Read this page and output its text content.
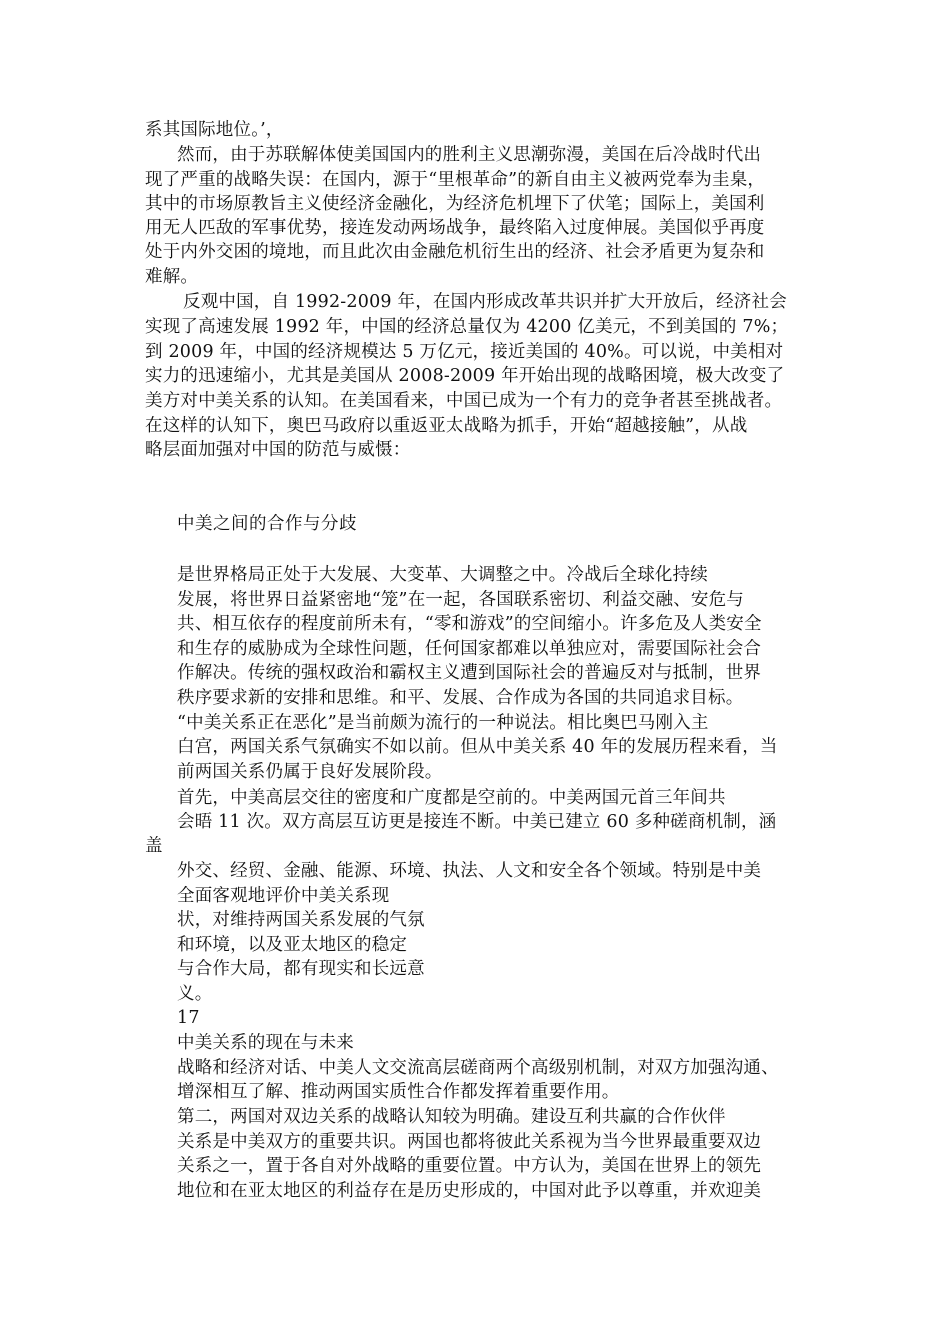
系其国际地位。’，
然而，由于苏联解体使美国国内的胜利主义思潮弥漫，美国在后冷战时代出
现了严重的战略失误：在国内，源于“里根革命”的新自由主义被两党奉为圭臬，
其中的市场原教旨主义使经济金融化，为经济危机埋下了伏笔；国际上，美国利
用无人匹敌的军事优势，接连发动两场战争，最终陷入过度伸展。美国似乎再度
处于内外交困的境地，而且此次由金融危机衍生出的经济、社会矛盾更为复杂和
难解。
反观中国，自 1992-2009 年，在国内形成改革共识并扩大开放后，经济社会
实现了高速发展 1992 年，中国的经济总量仅为 4200 亿美元，不到美国的 7%；
到 2009 年，中国的经济规模达 5 万亿元，接近美国的 40%。可以说，中美相对
实力的迅速缩小，尤其是美国从 2008-2009 年开始出现的战略困境，极大改变了
美方对中美关系的认知。在美国看来，中国已成为一个有力的竞争者甚至挑战者。
在这样的认知下，奥巴马政府以重返亚太战略为抓手，开始“超越接触”，从战
略层面加强对中国的防范与威慑：
中美之间的合作与分歧
是世界格局正处于大发展、大变革、大调整之中。冷战后全球化持续
发展，将世界日益紧密地“笼”在一起，各国联系密切、利益交融、安危与
共、相互依存的程度前所未有，“零和游戏”的空间缩小。许多危及人类安全
和生存的威胁成为全球性问题，任何国家都难以单独应对，需要国际社会合
作解决。传统的强权政治和霸权主义遭到国际社会的普遍反对与抵制，世界
秩序要求新的安排和思维。和平、发展、合作成为各国的共同追求目标。
“中美关系正在恶化”是当前颇为流行的一种说法。相比奥巴马刚入主
白宫，两国关系气氛确实不如以前。但从中美关系 40 年的发展历程来看，当
前两国关系仍属于良好发展阶段。
首先，中美高层交往的密度和广度都是空前的。中美两国元首三年间共
会晤 11 次。双方高层互访更是接连不断。中美已建立 60 多种磋商机制，涵
盖
外交、经贸、金融、能源、环境、执法、人文和安全各个领域。特别是中美
全面客观地评价中美关系现
状，对维持两国关系发展的气氛
和环境，以及亚太地区的稳定
与合作大局，都有现实和长远意
义。
17
中美关系的现在与未来
战略和经济对话、中美人文交流高层磋商两个高级别机制，对双方加强沟通、
增深相互了解、推动两国实质性合作都发挥着重要作用。
第二，两国对双边关系的战略认知较为明确。建设互利共赢的合作伙伴
关系是中美双方的重要共识。两国也都将彼此关系视为当今世界最重要双边
关系之一，置于各自对外战略的重要位置。中方认为，美国在世界上的领先
地位和在亚太地区的利益存在是历史形成的，中国对此予以尊重，并欢迎美
